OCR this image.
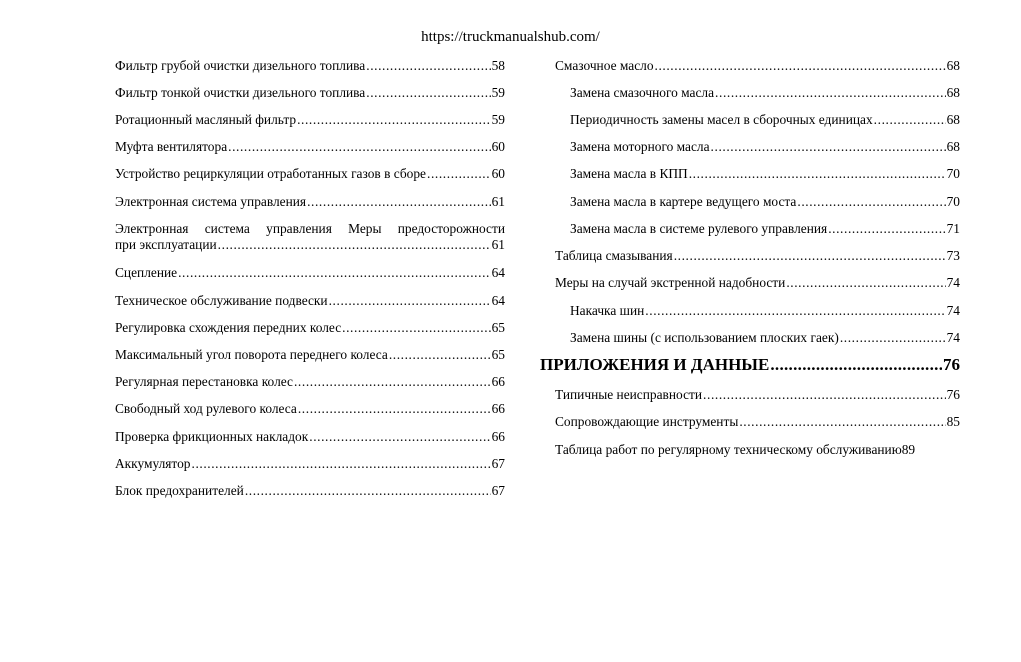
https://truckmanualshub.com/
Фильтр грубой очистки дизельного топлива .....	58
Фильтр тонкой очистки дизельного топлива .....	59
Ротационный масляный фильтр .....	59
Муфта вентилятора .....	60
Устройство рециркуляции отработанных газов в сборе .....	60
Электронная система управления .....	61
Электронная система управления Меры предосторожности
при эксплуатации .....	61
Сцепление .....	64
Техническое обслуживание подвески .....	64
Регулировка схождения передних колес .....	65
Максимальный угол поворота переднего колеса .....	65
Регулярная перестановка колес .....	66
Свободный ход рулевого колеса .....	66
Проверка фрикционных накладок .....	66
Аккумулятор .....	67
Блок предохранителей .....	67
Смазочное масло .....	68
Замена смазочного масла .....	68
Периодичность замены масел в сборочных единицах .....	68
Замена моторного масла .....	68
Замена масла в КПП .....	70
Замена масла в картере ведущего моста .....	70
Замена масла в системе рулевого управления .....	71
Таблица смазывания .....	73
Меры на случай экстренной надобности .....	74
Накачка шин .....	74
Замена шины (с использованием плоских гаек) .....	74
ПРИЛОЖЕНИЯ И ДАННЫЕ .....	76
Типичные неисправности .....	76
Сопровождающие инструменты .....	85
Таблица работ по регулярному техническому обслуживанию 89
